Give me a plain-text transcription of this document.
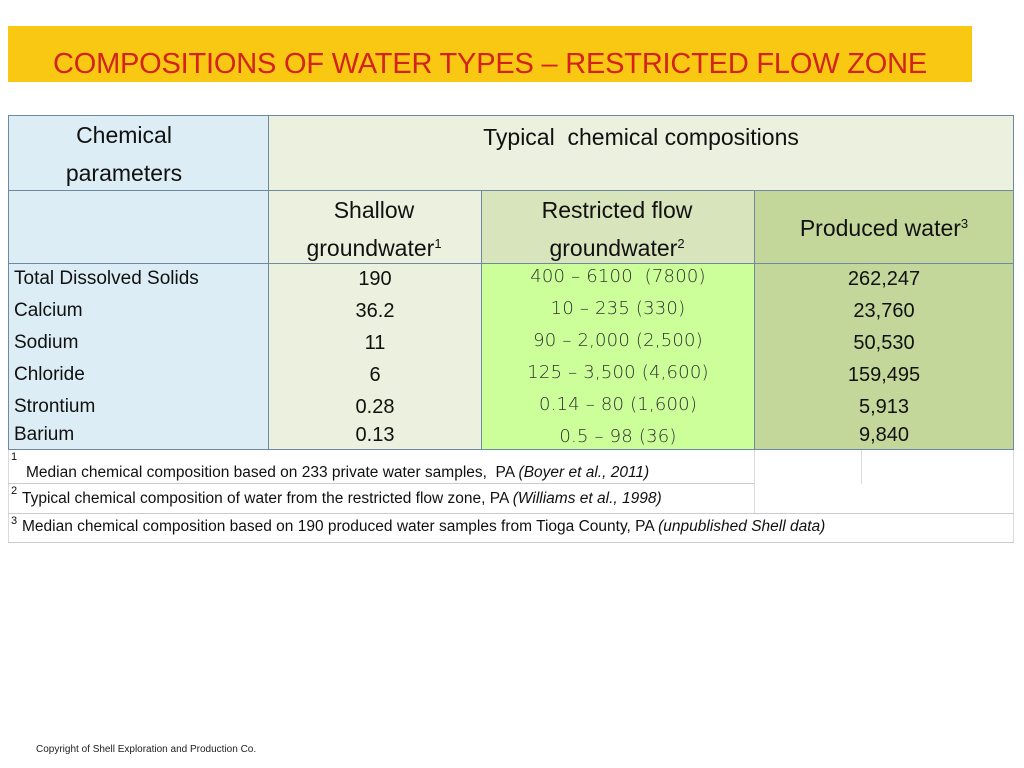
COMPOSITIONS OF WATER TYPES – RESTRICTED FLOW ZONE
Chemical parameters
Typical  chemical compositions
Shallow groundwater$^1$
Restricted flow groundwater$^2$
Produced water$^3$
Total Dissolved Solids
Calcium
Sodium
Chloride
Strontium
Barium
190
36.2
11
6
0.28
0.13
400 – 6100  (7800)
10 – 235 (330)
90 – 2,000 (2,500)
125 – 3,500 (4,600)
0.14 – 80 (1,600)
0.5 – 98 (36)
262,247
23,760
50,530
159,495
5,913
9,840
1
Median chemical composition based on 233 private water samples,  PA (Boyer et al., 2011)
2 Typical chemical composition of water from the restricted flow zone, PA (Williams et al., 1998)
3 Median chemical composition based on 190 produced water samples from Tioga County, PA (unpublished Shell data)
Copyright of Shell Exploration and Production Co.
